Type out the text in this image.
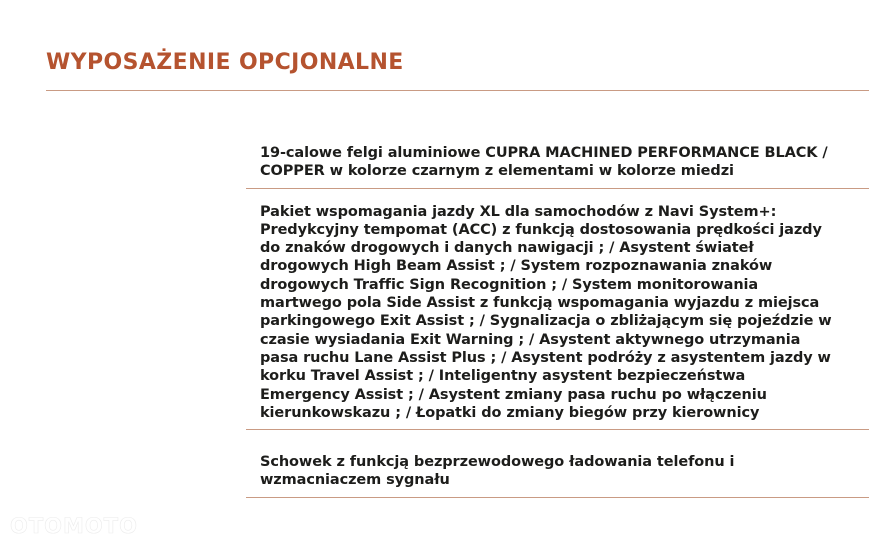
WYPOSAŻENIE OPCJONALNE
19-calowe felgi aluminiowe CUPRA MACHINED PERFORMANCE BLACK / COPPER w kolorze czarnym z elementami w kolorze miedzi
Pakiet wspomagania jazdy XL dla samochodów z Navi System+: Predykcyjny tempomat (ACC) z funkcją dostosowania prędkości jazdy do znaków drogowych i danych nawigacji ; / Asystent świateł drogowych High Beam Assist ; / System rozpoznawania znaków drogowych Traffic Sign Recognition ; / System monitorowania martwego pola Side Assist z funkcją wspomagania wyjazdu z miejsca parkingowego Exit Assist ; / Sygnalizacja o zbliżającym się pojeździe w czasie wysiadania Exit Warning ; / Asystent aktywnego utrzymania pasa ruchu Lane Assist Plus ; / Asystent podróży z asystentem jazdy w korku Travel Assist ; / Inteligentny asystent bezpieczeństwa Emergency Assist ; / Asystent zmiany pasa ruchu po włączeniu kierunkowskazu ; / Łopatki do zmiany biegów przy kierownicy
Schowek z funkcją bezprzewodowego ładowania telefonu i wzmacniaczem sygnału
OTOMOTO
